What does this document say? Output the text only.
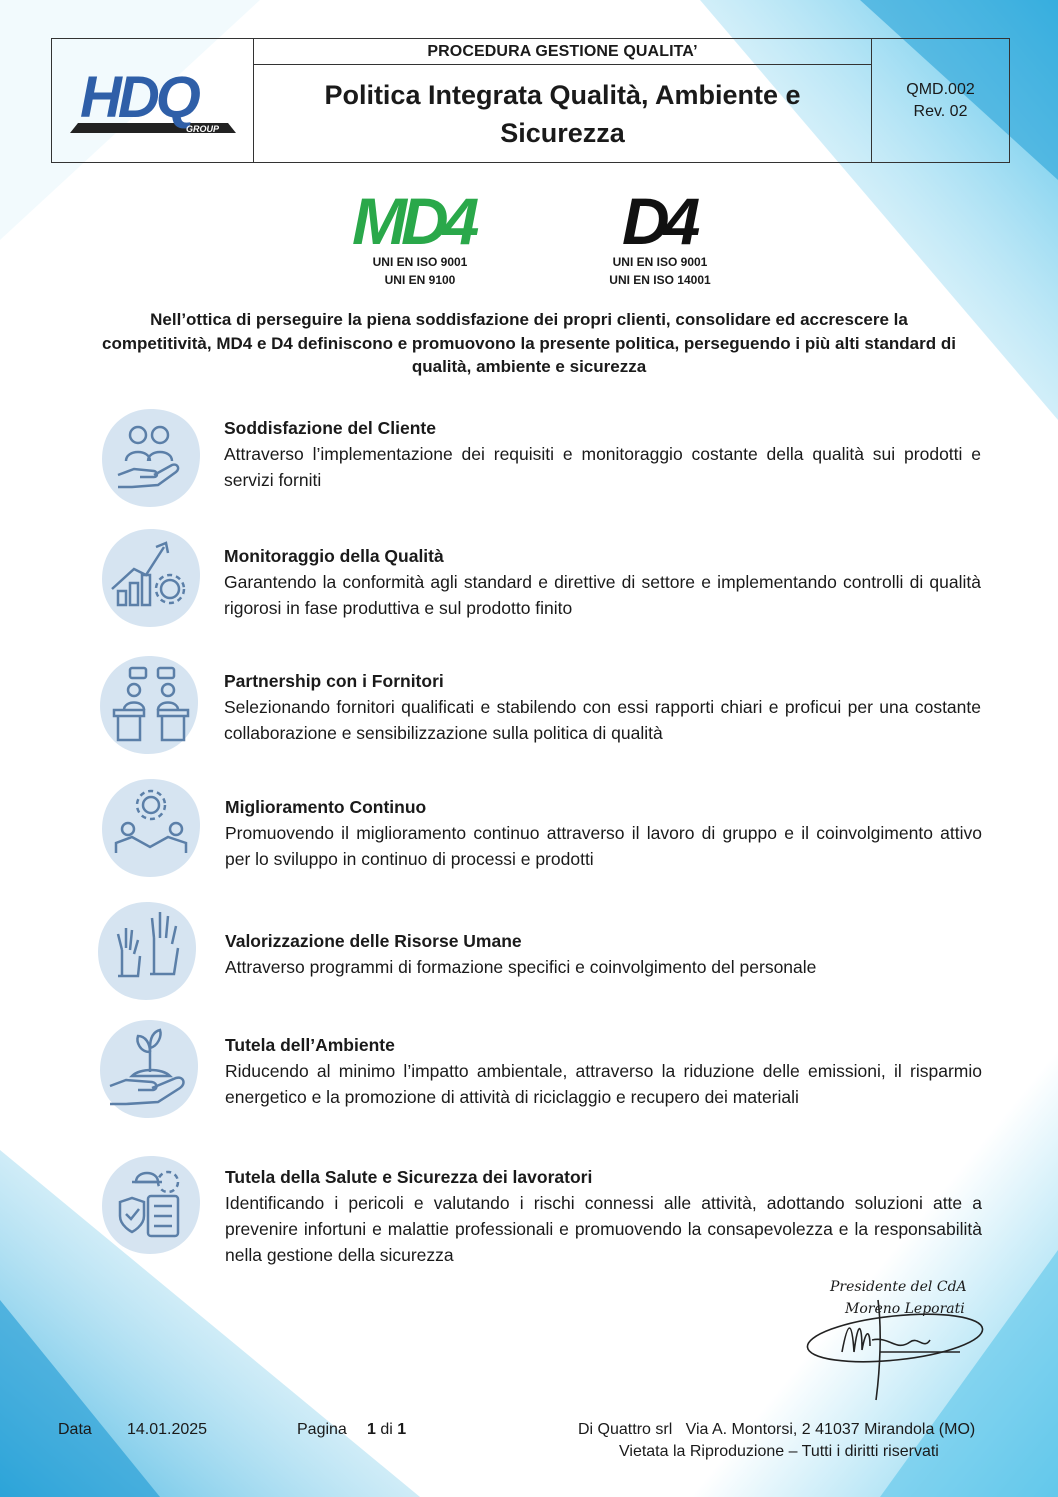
HDQ
GROUP
PROCEDURA GESTIONE QUALITA’
Politica Integrata Qualità, Ambiente e Sicurezza
QMD.002
Rev. 02
MD4
UNI EN ISO 9001
UNI EN 9100
D4
UNI EN ISO 9001
UNI EN ISO 14001
Nell’ottica di perseguire la piena soddisfazione dei propri clienti, consolidare ed accrescere la competitività, MD4 e D4 definiscono e promuovono la presente politica, perseguendo i più alti standard di qualità, ambiente e sicurezza
Soddisfazione del Cliente
Attraverso l’implementazione dei requisiti e monitoraggio costante della qualità sui prodotti e servizi forniti
Monitoraggio della Qualità
Garantendo la conformità agli standard e direttive di settore e implementando controlli di qualità rigorosi in fase produttiva e sul prodotto finito
Partnership con i Fornitori
Selezionando fornitori qualificati e stabilendo con essi rapporti chiari e proficui per una costante collaborazione e sensibilizzazione sulla politica di qualità
Miglioramento Continuo
Promuovendo il miglioramento continuo attraverso il lavoro di gruppo e il coinvolgimento attivo per lo sviluppo in continuo di processi e prodotti
Valorizzazione delle Risorse Umane
Attraverso programmi di formazione specifici e coinvolgimento del personale
Tutela dell’Ambiente
Riducendo al minimo l’impatto ambientale, attraverso la riduzione delle emissioni, il risparmio energetico e la promozione di attività di riciclaggio e recupero dei materiali
Tutela della Salute e Sicurezza dei lavoratori
Identificando i pericoli e valutando i rischi connessi alle attività, adottando soluzioni atte a prevenire infortuni e malattie professionali e promuovendo la consapevolezza e la responsabilità nella gestione della sicurezza
Presidente del CdA
Moreno Leporati
Data 14.01.2025	Pagina 1 di 1	Di Quattro srl Via A. Montorsi, 2 41037 Mirandola (MO)
Vietata la Riproduzione – Tutti i diritti riservati
